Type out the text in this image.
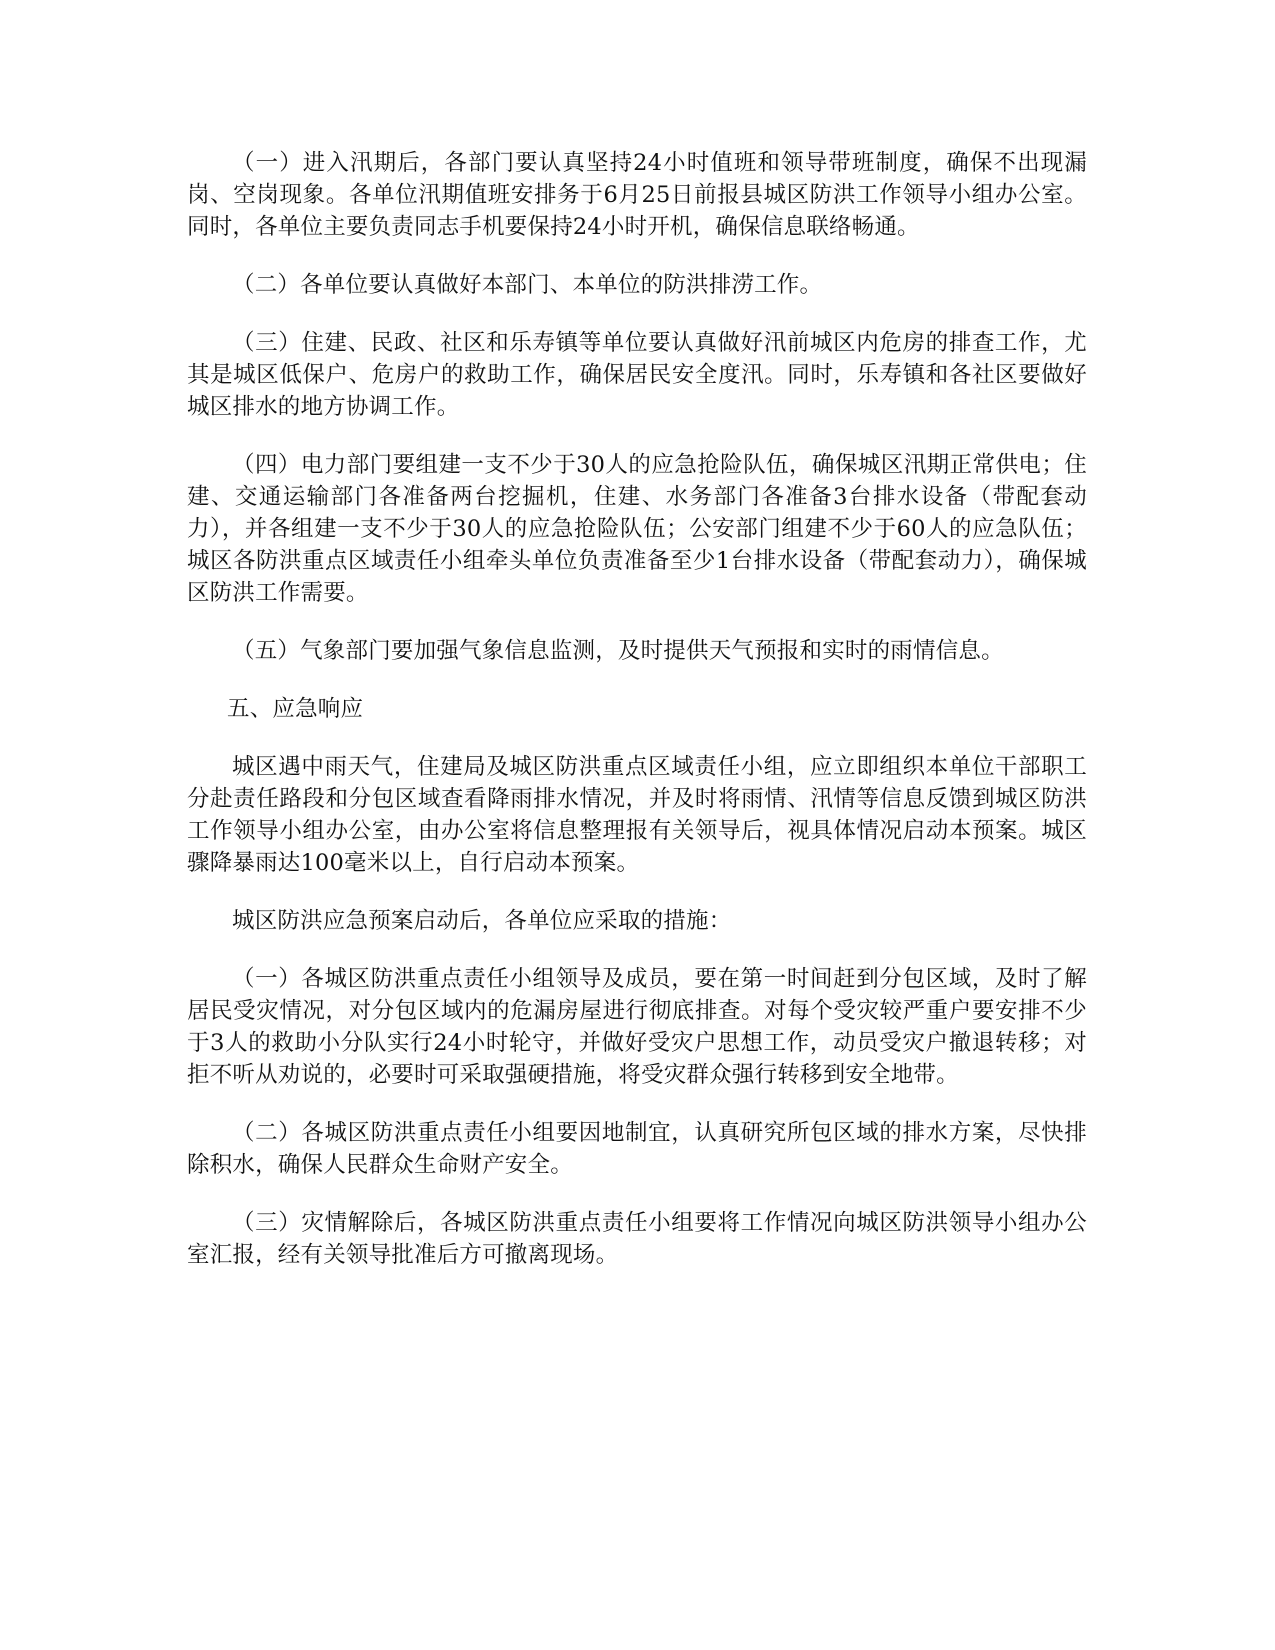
（一）进入汛期后，各部门要认真坚持24小时值班和领导带班制度，确保不出现漏岗、空岗现象。各单位汛期值班安排务于6月25日前报县城区防洪工作领导小组办公室。同时，各单位主要负责同志手机要保持24小时开机，确保信息联络畅通。

（二）各单位要认真做好本部门、本单位的防洪排涝工作。

（三）住建、民政、社区和乐寿镇等单位要认真做好汛前城区内危房的排查工作，尤其是城区低保户、危房户的救助工作，确保居民安全度汛。同时，乐寿镇和各社区要做好城区排水的地方协调工作。

（四）电力部门要组建一支不少于30人的应急抢险队伍，确保城区汛期正常供电；住建、交通运输部门各准备两台挖掘机，住建、水务部门各准备3台排水设备（带配套动力），并各组建一支不少于30人的应急抢险队伍；公安部门组建不少于60人的应急队伍；城区各防洪重点区域责任小组牵头单位负责准备至少1台排水设备（带配套动力），确保城区防洪工作需要。

（五）气象部门要加强气象信息监测，及时提供天气预报和实时的雨情信息。

五、应急响应

城区遇中雨天气，住建局及城区防洪重点区域责任小组，应立即组织本单位干部职工分赴责任路段和分包区域查看降雨排水情况，并及时将雨情、汛情等信息反馈到城区防洪工作领导小组办公室，由办公室将信息整理报有关领导后，视具体情况启动本预案。城区骤降暴雨达100毫米以上，自行启动本预案。

城区防洪应急预案启动后，各单位应采取的措施：

（一）各城区防洪重点责任小组领导及成员，要在第一时间赶到分包区域，及时了解居民受灾情况，对分包区域内的危漏房屋进行彻底排查。对每个受灾较严重户要安排不少于3人的救助小分队实行24小时轮守，并做好受灾户思想工作，动员受灾户撤退转移；对拒不听从劝说的，必要时可采取强硬措施，将受灾群众强行转移到安全地带。

（二）各城区防洪重点责任小组要因地制宜，认真研究所包区域的排水方案，尽快排除积水，确保人民群众生命财产安全。

（三）灾情解除后，各城区防洪重点责任小组要将工作情况向城区防洪领导小组办公室汇报，经有关领导批准后方可撤离现场。
